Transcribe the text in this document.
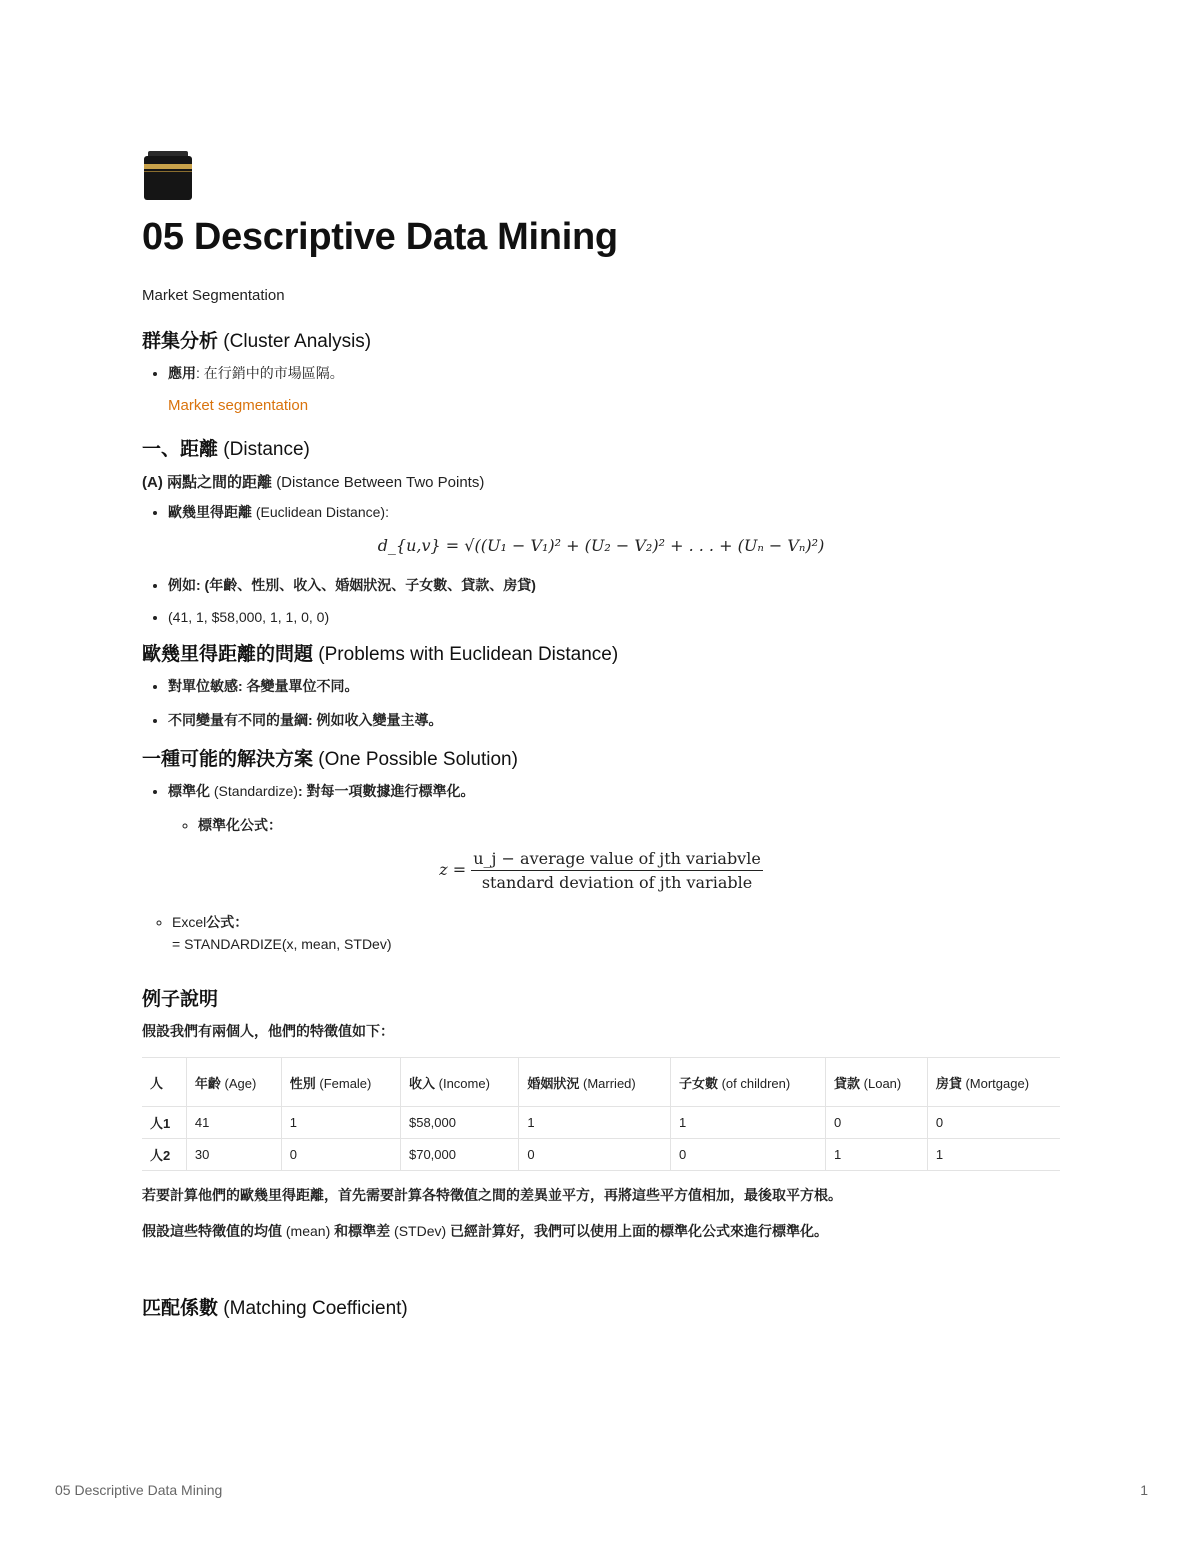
05 Descriptive Data Mining
Market Segmentation
群集分析 (Cluster Analysis)
• 應用: 在行銷中的市場區隔。
Market segmentation
一、距離 (Distance)
(A) 兩點之間的距離 (Distance Between Two Points)
• 歐幾里得距離 (Euclidean Distance):
d_{u,v} = √((U₁ − V₁)² + (U₂ − V₂)² + . . . + (Uₙ − Vₙ)²)
• 例如: (年齡、性別、收入、婚姻狀況、子女數、貸款、房貸)
• (41, 1, $58,000, 1, 1, 0, 0)
歐幾里得距離的問題 (Problems with Euclidean Distance)
• 對單位敏感: 各變量單位不同。
• 不同變量有不同的量綱: 例如收入變量主導。
一種可能的解決方案 (One Possible Solution)
• 標準化 (Standardize): 對每一項數據進行標準化。
◦ 標準化公式：
$z = \frac{\text{u\_j − average value of jth variabvle}}{\text{standard deviation of jth variable}}$
◦ Excel公式：
= STANDARDIZE(x, mean, STDev)
例子說明
假設我們有兩個人，他們的特徵值如下：
人	年齡 (Age)	性別 (Female)	收入 (Income)	婚姻狀況 (Married)	子女數 (of children)	貸款 (Loan)	房貸 (Mortgage)
人1	41	1	$58,000	1	1	0	0
人2	30	0	$70,000	0	0	1	1
若要計算他們的歐幾里得距離，首先需要計算各特徵值之間的差異並平方，再將這些平方值相加，最後取平方根。
假設這些特徵值的均值 (mean) 和標準差 (STDev) 已經計算好，我們可以使用上面的標準化公式來進行標準化。
匹配係數 (Matching Coefficient)
05 Descriptive Data Mining	1
